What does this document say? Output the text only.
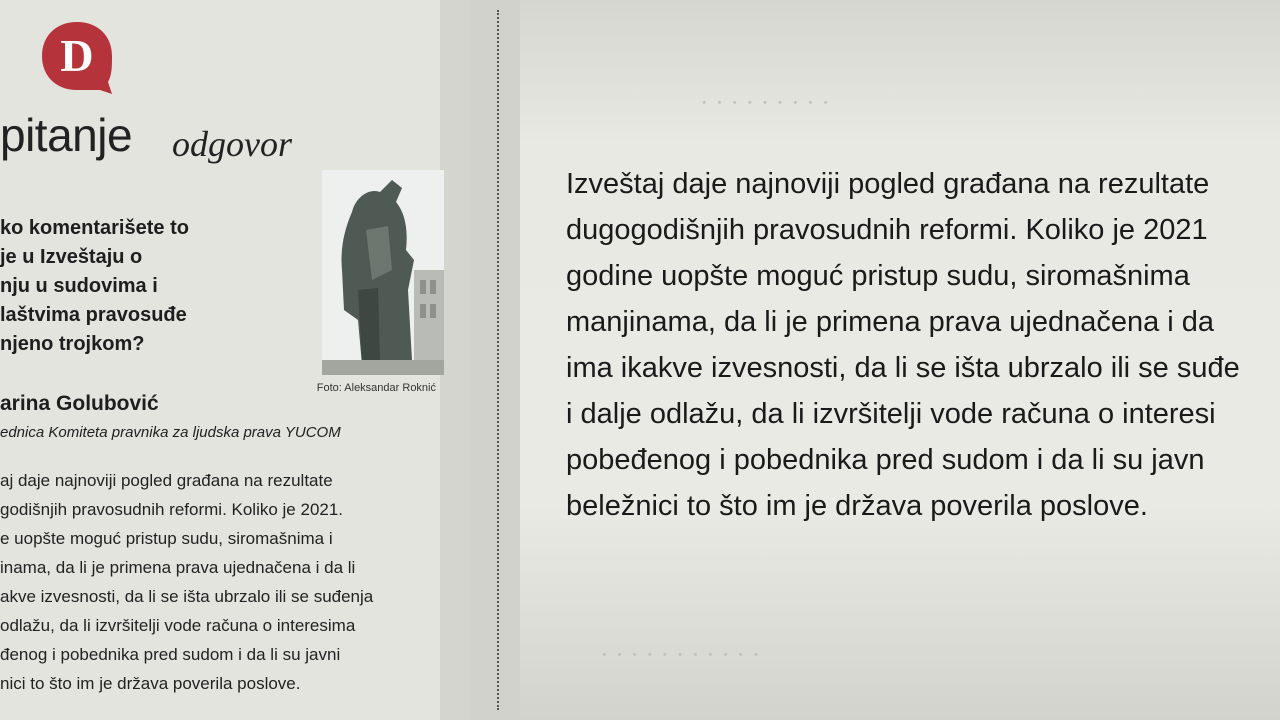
· · · · · · · · ·
· · · · · · · · · · ·
D
pitanje odgovor
ko komentarišete to
je u Izveštaju o
nju u sudovima i
laštvima pravosuđe
njeno trojkom?
Foto: Aleksandar Roknić
arina Golubović
ednica Komiteta pravnika za ljudska prava YUCOM
aj daje najnoviji pogled građana na rezultate
godišnjih pravosudnih reformi. Koliko je 2021.
e uopšte moguć pristup sudu, siromašnima i
inama, da li je primena prava ujednačena i da li
akve izvesnosti, da li se išta ubrzalo ili se suđenja
odlažu, da li izvršitelji vode računa o interesima
đenog i pobednika pred sudom i da li su javni
nici to što im je država poverila poslove.
Izveštaj daje najnoviji pogled građana na rezultate
dugogodišnjih pravosudnih reformi. Koliko je 2021
godine uopšte moguć pristup sudu, siromašnima
manjinama, da li je primena prava ujednačena i da
ima ikakve izvesnosti, da li se išta ubrzalo ili se suđe
i dalje odlažu, da li izvršitelji vode računa o interesi
pobeđenog i pobednika pred sudom i da li su javn
beležnici to što im je država poverila poslove.
